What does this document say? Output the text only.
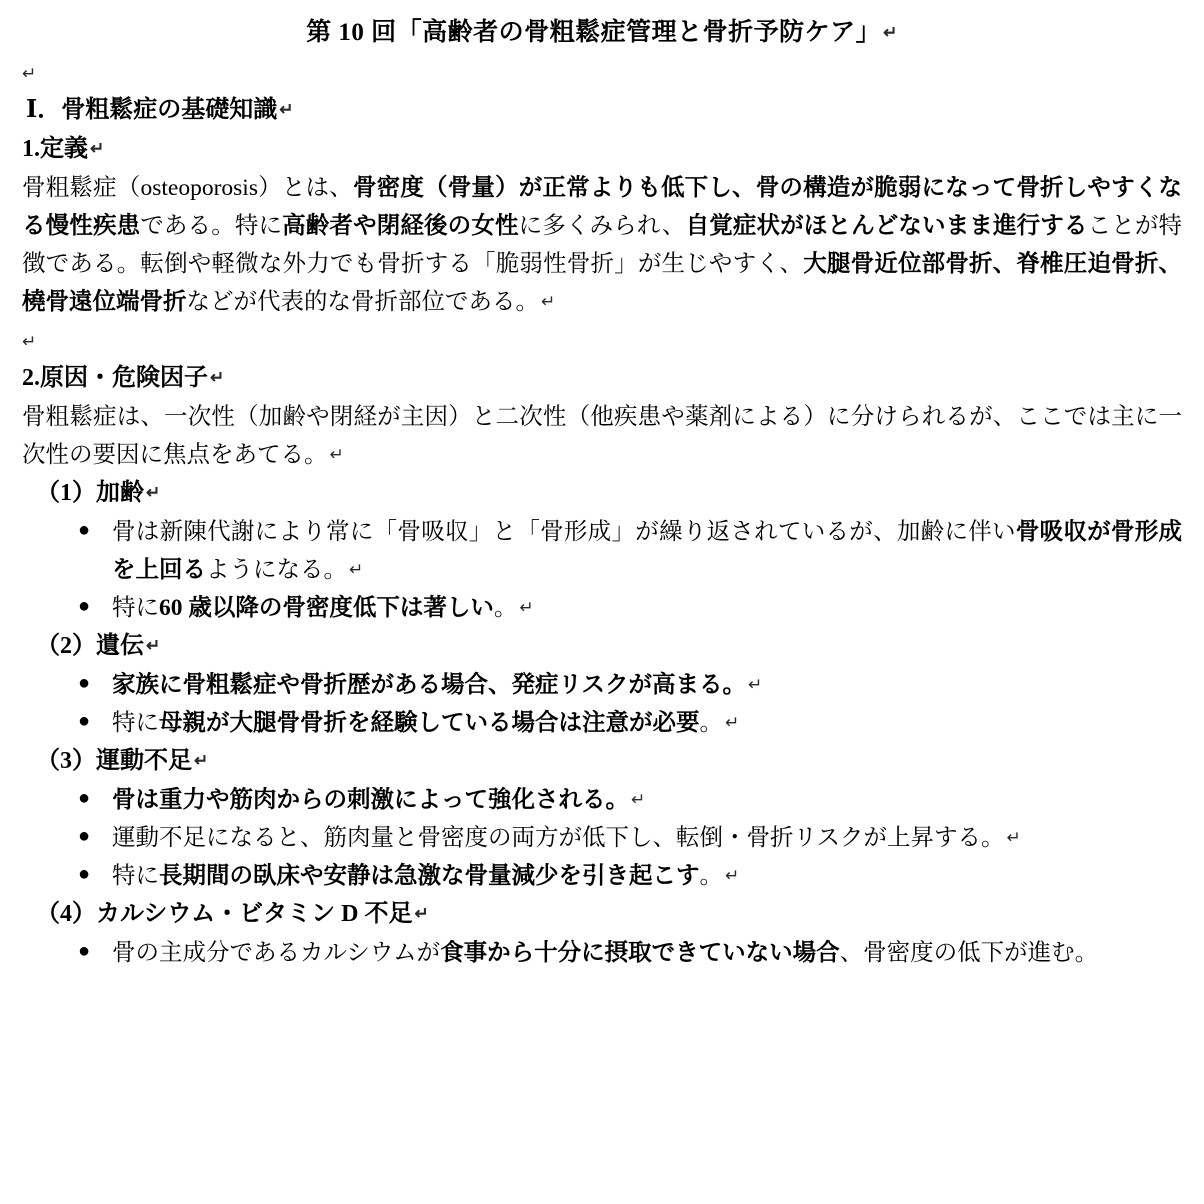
第 10 回「高齢者の骨粗鬆症管理と骨折予防ケア」 ↵

↵

Ⅰ．骨粗鬆症の基礎知識 ↵

1.定義 ↵

骨粗鬆症（osteoporosis）とは、骨密度（骨量）が正常よりも低下し、骨の構造が脆弱になって骨折しやすくなる慢性疾患である。特に高齢者や閉経後の女性に多くみられ、自覚症状がほとんどないまま進行することが特徴である。転倒や軽微な外力でも骨折する「脆弱性骨折」が生じやすく、大腿骨近位部骨折、脊椎圧迫骨折、橈骨遠位端骨折などが代表的な骨折部位である。 ↵

↵

2.原因・危険因子 ↵

骨粗鬆症は、一次性（加齢や閉経が主因）と二次性（他疾患や薬剤による）に分けられるが、ここでは主に一次性の要因に焦点をあてる。 ↵

（1）加齢 ↵

● 骨は新陳代謝により常に「骨吸収」と「骨形成」が繰り返されているが、加齢に伴い骨吸収が骨形成を上回るようになる。 ↵
● 特に60 歳以降の骨密度低下は著しい。 ↵

（2）遺伝 ↵

● 家族に骨粗鬆症や骨折歴がある場合、発症リスクが高まる。 ↵
● 特に母親が大腿骨骨折を経験している場合は注意が必要。 ↵

（3）運動不足 ↵

● 骨は重力や筋肉からの刺激によって強化される。 ↵
● 運動不足になると、筋肉量と骨密度の両方が低下し、転倒・骨折リスクが上昇する。 ↵
● 特に長期間の臥床や安静は急激な骨量減少を引き起こす。 ↵

（4）カルシウム・ビタミン D 不足 ↵

● 骨の主成分であるカルシウムが食事から十分に摂取できていない場合、骨密度の低下が進む。
